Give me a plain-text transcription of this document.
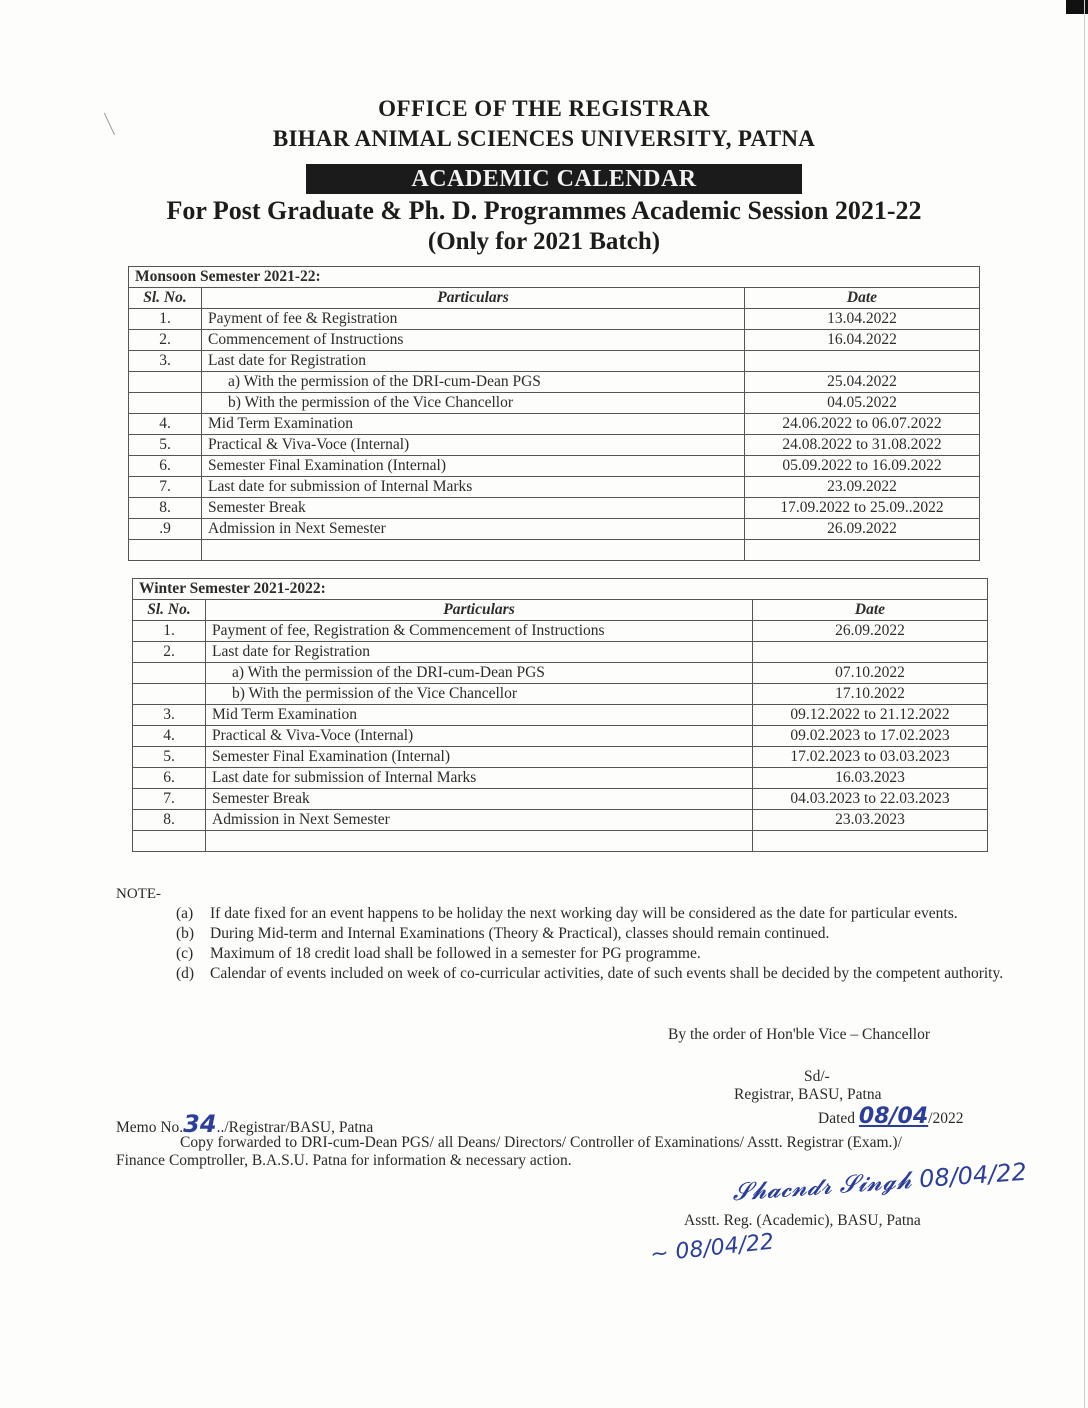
OFFICE OF THE REGISTRAR
BIHAR ANIMAL SCIENCES UNIVERSITY, PATNA
ACADEMIC CALENDAR
For Post Graduate & Ph. D. Programmes Academic Session 2021-22
(Only for 2021 Batch)
Monsoon Semester 2021-22:		
Sl. No.	Particulars	Date
1.	Payment of fee & Registration	13.04.2022
2.	Commencement of Instructions	16.04.2022
3.	Last date for Registration	
	a) With the permission of the DRI-cum-Dean PGS	25.04.2022
	b) With the permission of the Vice Chancellor	04.05.2022
4.	Mid Term Examination	24.06.2022 to 06.07.2022
5.	Practical & Viva-Voce (Internal)	24.08.2022 to 31.08.2022
6.	Semester Final Examination (Internal)	05.09.2022 to 16.09.2022
7.	Last date for submission of Internal Marks	23.09.2022
8.	Semester Break	17.09.2022 to 25.09..2022
.9	Admission in Next Semester	26.09.2022

Winter Semester 2021-2022:		
Sl. No.	Particulars	Date
1.	Payment of fee, Registration & Commencement of Instructions	26.09.2022
2.	Last date for Registration	
	a) With the permission of the DRI-cum-Dean PGS	07.10.2022
	b) With the permission of the Vice Chancellor	17.10.2022
3.	Mid Term Examination	09.12.2022 to 21.12.2022
4.	Practical & Viva-Voce (Internal)	09.02.2023 to 17.02.2023
5.	Semester Final Examination (Internal)	17.02.2023 to 03.03.2023
6.	Last date for submission of Internal Marks	16.03.2023
7.	Semester Break	04.03.2023 to 22.03.2023
8.	Admission in Next Semester	23.03.2023

NOTE-
(a)	If date fixed for an event happens to be holiday the next working day will be considered as the date for particular events.
(b)	During Mid-term and Internal Examinations (Theory & Practical), classes should remain continued.
(c)	Maximum of 18 credit load shall be followed in a semester for PG programme.
(d)	Calendar of events included on week of co-curricular activities, date of such events shall be decided by the competent authority.
By the order of Hon'ble Vice – Chancellor
Sd/-
Registrar, BASU, Patna
Dated 08/04/2022
Memo No.34../Registrar/BASU, Patna
Copy forwarded to DRI-cum-Dean PGS/ all Deans/ Directors/ Controller of Examinations/ Asstt. Registrar (Exam.)/
Finance Comptroller, B.A.S.U. Patna for information & necessary action.	𝓢𝓱𝓪𝓬𝓷𝓭𝓻 𝓢𝓲𝓷𝓰𝓱 08/04/22
Asstt. Reg. (Academic), BASU, Patna
∼ 08/04/22
